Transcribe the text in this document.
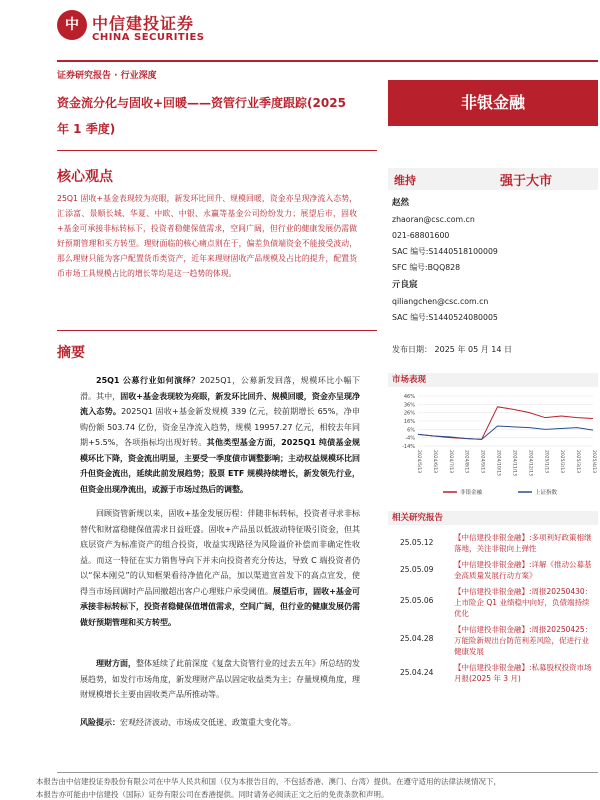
中 中信建投证券
CHINA SECURITIES
证券研究报告 · 行业深度
资金流分化与固收+回暖——资管行业季度跟踪(2025
年 1 季度)
非银金融
核心观点
25Q1 固收+基金表现较为亮眼，新发环比回升、规模回暖，资金亦呈现净流入态势，汇添富、景顺长城、华夏、中欧、中银、永赢等基金公司纷纷发力；展望后市，固收+基金可承接非标转标下，投资者稳健保值需求，空间广阔，但行业的健康发展仍需做好预期管理和买方转型。理财面临的核心痛点则在于，偏差负债端资金不能接受波动，那么理财只能为客户配置货币类资产，近年来理财固收产品规模及占比的提升，配置货币市场工具规模占比的增长等均是这一趋势的体现。
摘要
25Q1 公募行业如何演绎？2025Q1，公募新发回落，规模环比小幅下滑。其中，固收+基金表现较为亮眼，新发环比回升、规模回暖，资金亦呈现净流入态势。2025Q1 固收+基金新发规模 339 亿元，较前期增长 65%，净申购份额 503.74 亿份，资金呈净流入趋势，规模 19957.27 亿元，相较去年同期+5.5%，各项指标均出现好转。其他类型基金方面，2025Q1 纯债基金规模环比下降，资金流出明显，主要受一季度债市调整影响；主动权益规模环比回升但资金流出，延续此前发展趋势；股票 ETF 规模持续增长，新发领先行业，但资金出现净流出，或源于市场过热后的调整。
回顾资管新规以来，固收+基金发展历程：伴随非标转标，投资者寻求非标替代和财富稳健保值需求日益旺盛。固收+产品虽以低波动特征吸引资金，但其底层资产为标准资产的组合投资，收益实现路径为风险溢价补偿而非确定性收益。而这一特征在实力销售导向下并未向投资者充分传达，导致 C 端投资者仍以“保本刚兑”的认知框架看待净值化产品，加以渠道宣首发下的高点宣发，使得当市场回调时产品回撤超出客户心理账户承受阈值。展望后市，固收+基金可承接非标转标下，投资者稳健保值增值需求，空间广阔，但行业的健康发展仍需做好预期管理和买方转型。
理财方面，整体延续了此前深度《复盘大资管行业的过去五年》所总结的发展趋势，如发行市场角度，新发理财产品以固定收益类为主；存量规模角度，理财规模增长主要由固收类产品所推动等。
风险提示：宏观经济波动、市场成交低迷、政策重大变化等。
维持	强于大市
赵然
zhaoran@csc.com.cn
021-68801600
SAC 编号:S1440518100009
SFC 编号:BQQ828
亓良宸
qiliangchen@csc.com.cn
SAC 编号:S1440524080005
发布日期： 2025 年 05 月 14 日
市场表现
46%
36%
26%
16%
6%
-4%
-14%
2024/5/13 2024/6/13 2024/7/13 2024/8/13 2024/9/13 2024/10/13 2024/11/13 2024/12/13 2025/1/13 2025/2/13 2025/3/13 2025/4/13
非银金融	上证指数
相关研究报告
25.05.12
【中信建投非银金融】:多项利好政策相继落地，关注非银向上弹性
25.05.09
【中信建投非银金融】:详解《推动公募基金高质量发展行动方案》
25.05.06
【中信建投非银金融】:周报20250430：上市险企 Q1 业绩稳中向好，负债端持续优化
25.04.28
【中信建投非银金融】:周报20250425：万能险新规出台防范利差风险，促进行业健康发展
25.04.24
【中信建投非银金融】:私募股权投资市场月报(2025 年 3 月)
本报告由中信建投证券股份有限公司在中华人民共和国（仅为本报告目的，不包括香港、澳门、台湾）提供。在遵守适用的法律法规情况下，
本报告亦可能由中信建投（国际）证券有限公司在香港提供。同时请务必阅读正文之后的免责条款和声明。
